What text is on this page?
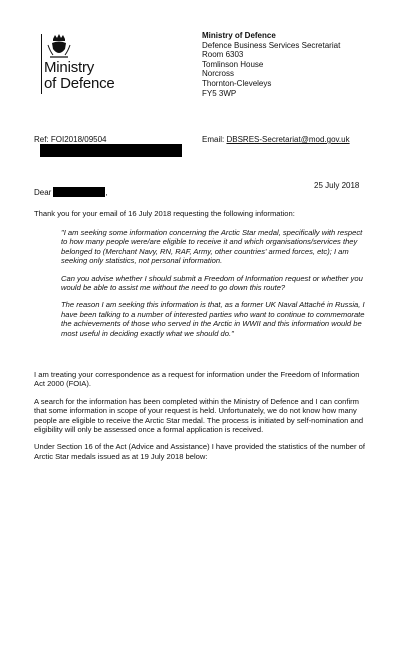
Ministry
of Defence
Ministry of Defence
Defence Business Services Secretariat
Room 6303
Tomlinson House
Norcross
Thornton-Cleveleys
FY5 3WP
Ref: FOI2018/09504	Email: DBSRES-Secretariat@mod.gov.uk
25 July 2018
Dear	,

Thank you for your email of 16 July 2018 requesting the following information:

"I am seeking some information concerning the Arctic Star medal, specifically with respect to how many people were/are eligible to receive it and which organisations/services they belonged to (Merchant Navy, RN, RAF, Army, other countries' armed forces, etc); I am seeking only statistics, not personal information.

Can you advise whether I should submit a Freedom of Information request or whether you would be able to assist me without the need to go down this route?

The reason I am seeking this information is that, as a former UK Naval Attaché in Russia, I have been talking to a number of interested parties who want to continue to commemorate the achievements of those who served in the Arctic in WWII and this information would be most useful in deciding exactly what we should do."

I am treating your correspondence as a request for information under the Freedom of Information Act 2000 (FOIA).

A search for the information has been completed within the Ministry of Defence and I can confirm that some information in scope of your request is held. Unfortunately, we do not know how many people are eligible to receive the Arctic Star medal. The process is initiated by self-nomination and eligibility will only be assessed once a formal application is received.

Under Section 16 of the Act (Advice and Assistance) I have provided the statistics of the number of Arctic Star medals issued as at 19 July 2018 below:
